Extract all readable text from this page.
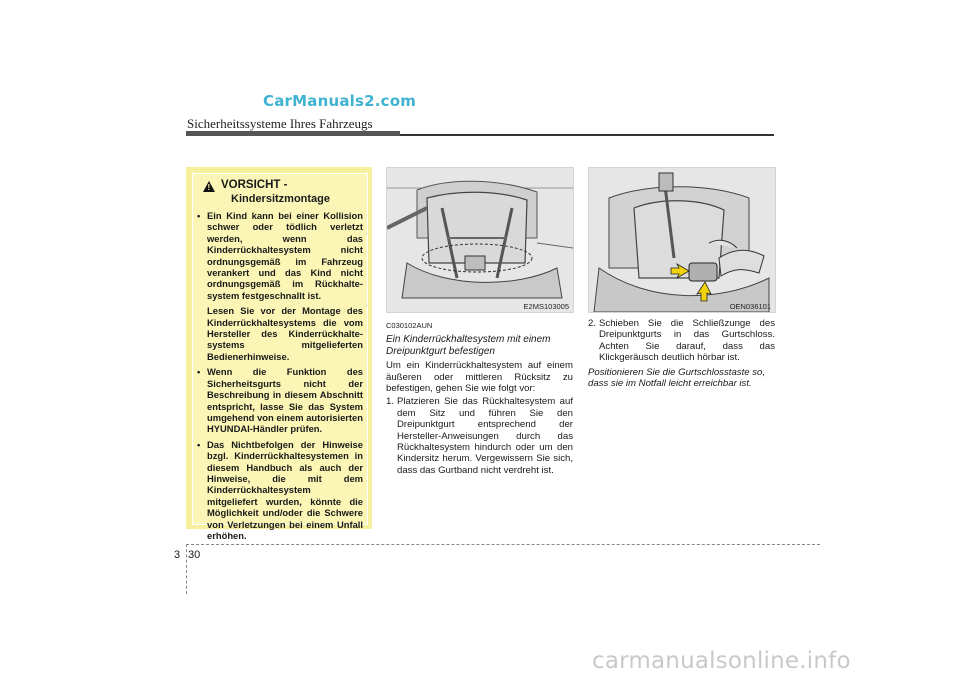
CarManuals2.com
Sicherheitssysteme Ihres Fahrzeugs
! VORSICHT -
Kindersitzmontage
• Ein Kind kann bei einer Kollision schwer oder tödlich verletzt werden, wenn das Kinderrückhaltesystem nicht ordnungsgemäß im Fahrzeug verankert und das Kind nicht ordnungsgemäß im Rückhalte-system festgeschnallt ist.

Lesen Sie vor der Montage des Kinderrückhaltesystems die vom Hersteller des Kinderrückhalte-systems mitgelieferten Bedienerhinweise.

• Wenn die Funktion des Sicherheitsgurts nicht der Beschreibung in diesem Abschnitt entspricht, lasse Sie das System umgehend von einem autorisierten HYUNDAI-Händler prüfen.

• Das Nichtbefolgen der Hinweise bzgl. Kinderrückhaltesystemen in diesem Handbuch als auch der Hinweise, die mit dem Kinderrückhaltesystem mitgeliefert wurden, könnte die Möglichkeit und/oder die Schwere von Verletzungen bei einem Unfall erhöhen.

E2MS103005	OEN036101
C030102AUN
Ein Kinderrückhaltesystem mit einem Dreipunktgurt befestigen

Um ein Kinderrückhaltesystem auf einem äußeren oder mittleren Rücksitz zu befestigen, gehen Sie wie folgt vor:

1. Platzieren Sie das Rückhaltesystem auf dem Sitz und führen Sie den Dreipunktgurt entsprechend der Hersteller-Anweisungen durch das Rückhaltesystem hindurch oder um den Kindersitz herum. Vergewissern Sie sich, dass das Gurtband nicht verdreht ist.
2. Schieben Sie die Schließzunge des Dreipunktgurts in das Gurtschloss. Achten Sie darauf, dass das Klickgeräusch deutlich hörbar ist.
Positionieren Sie die Gurtschlosstaste so, dass sie im Notfall leicht erreichbar ist.
3 30
carmanualsonline.info
